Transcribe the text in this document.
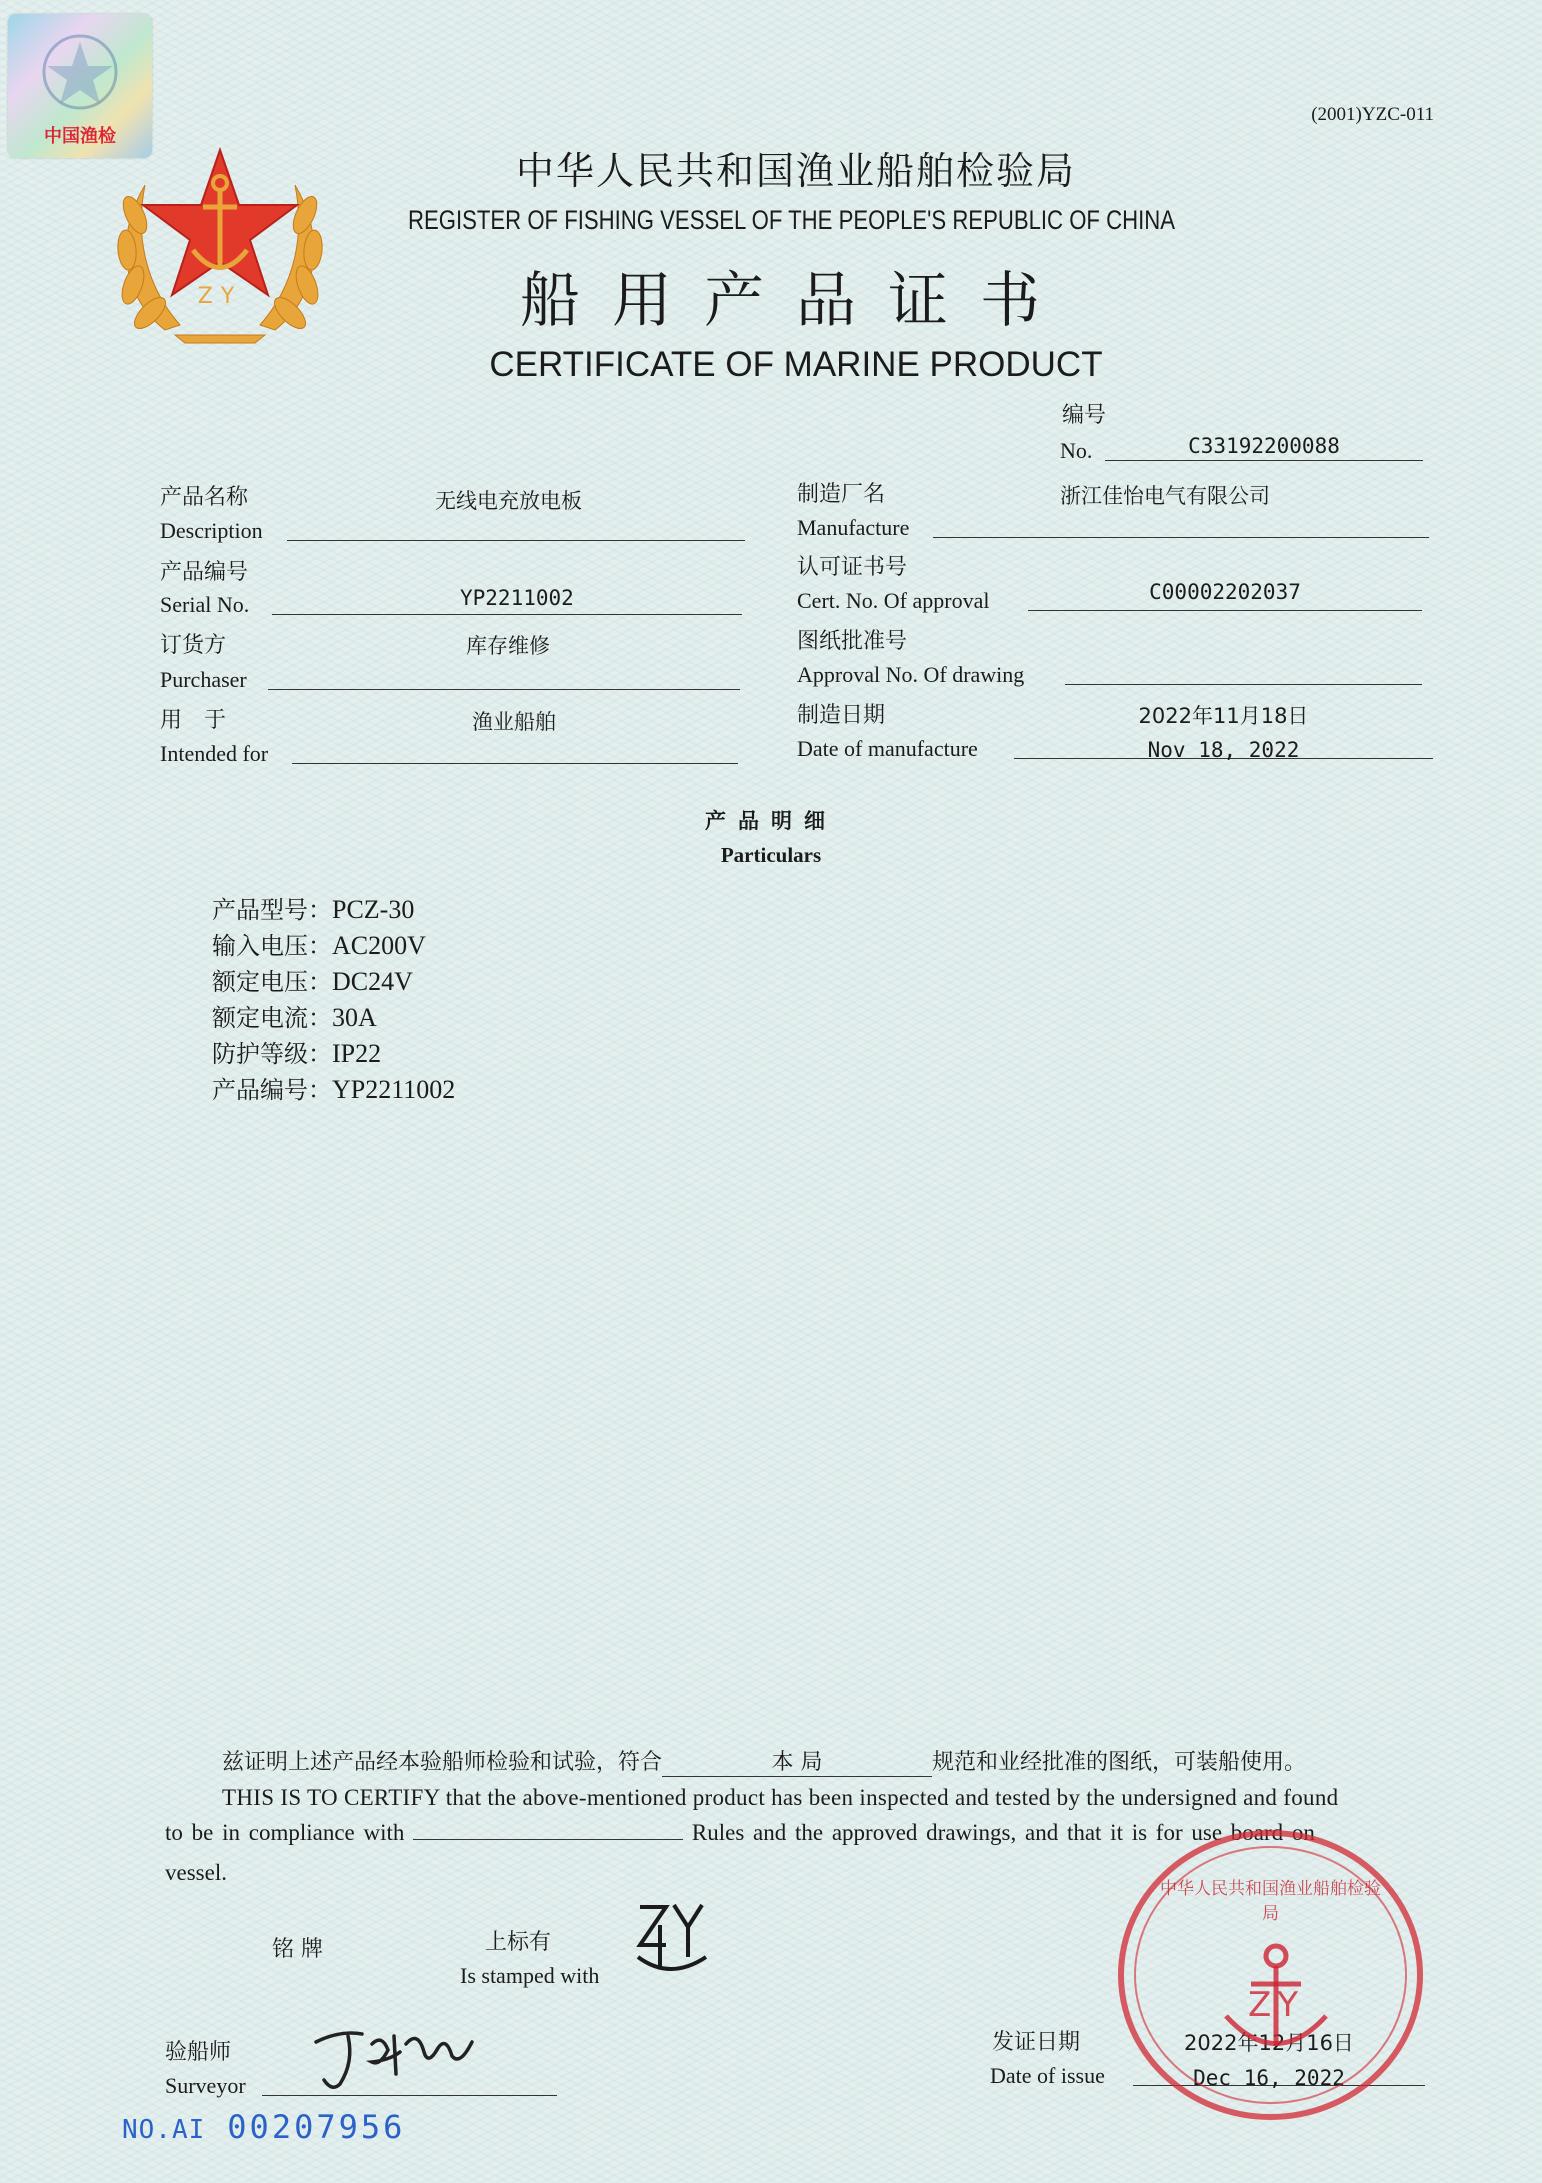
中国渔检
ZY
(2001)YZC-011
中华人民共和国渔业船舶检验局
REGISTER OF FISHING VESSEL OF THE PEOPLE'S REPUBLIC OF CHINA
船用产品证书
CERTIFICATE OF MARINE PRODUCT
编号
No.	C33192200088
产品名称
Description
无线电充放电板
产品编号
Serial No.	YP2211002
订货方
Purchaser
库存维修
用　于
Intended for
渔业船舶
制造厂名
Manufacture
浙江佳怡电气有限公司
认可证书号
Cert. No. Of approval	C00002202037
图纸批准号
Approval No. Of drawing
制造日期
Date of manufacture
2022年11月18日
Nov 18, 2022
产品明细
Particulars
产品型号：PCZ-30
输入电压：AC200V
额定电压：DC24V
额定电流：30A
防护等级：IP22
产品编号：YP2211002
兹证明上述产品经本验船师检验和试验，符合	本 局	规范和业经批准的图纸，可装船使用。
THIS IS TO CERTIFY that the above-mentioned product has been inspected and tested by the undersigned and found
to be in compliance with	Rules and the approved drawings, and that it is for use board on
vessel.
铭 牌	上标有
Is stamped with
验船师
Surveyor
发证日期
Date of issue
2022年12月16日
Dec 16, 2022
中华人民共和国渔业船舶检验局
ZY
NO.AI 00207956
